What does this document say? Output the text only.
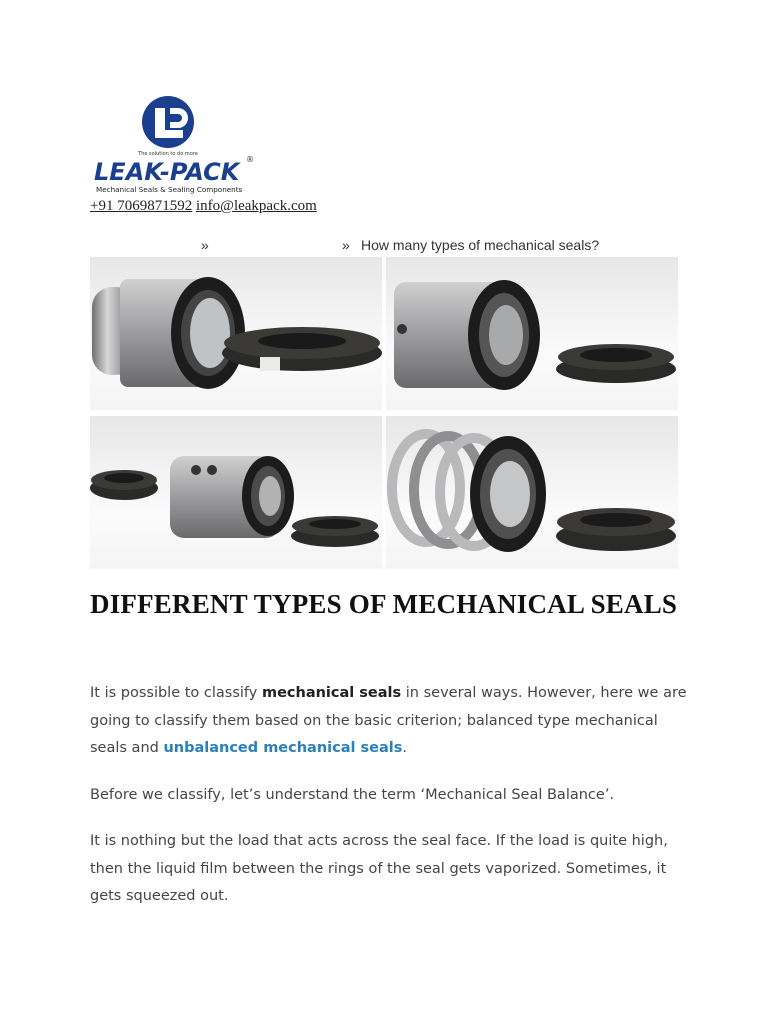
The solution to do more
LEAK-PACK ®
Mechanical Seals & Sealing Components
+91 7069871592 info@leakpack.com
»	» How many types of mechanical seals?
DIFFERENT TYPES OF MECHANICAL SEALS

It is possible to classify mechanical seals in several ways. However, here we are going to classify them based on the basic criterion; balanced type mechanical seals and unbalanced mechanical seals.

Before we classify, let’s understand the term ‘Mechanical Seal Balance’.

It is nothing but the load that acts across the seal face. If the load is quite high, then the liquid film between the rings of the seal gets vaporized. Sometimes, it gets squeezed out.
